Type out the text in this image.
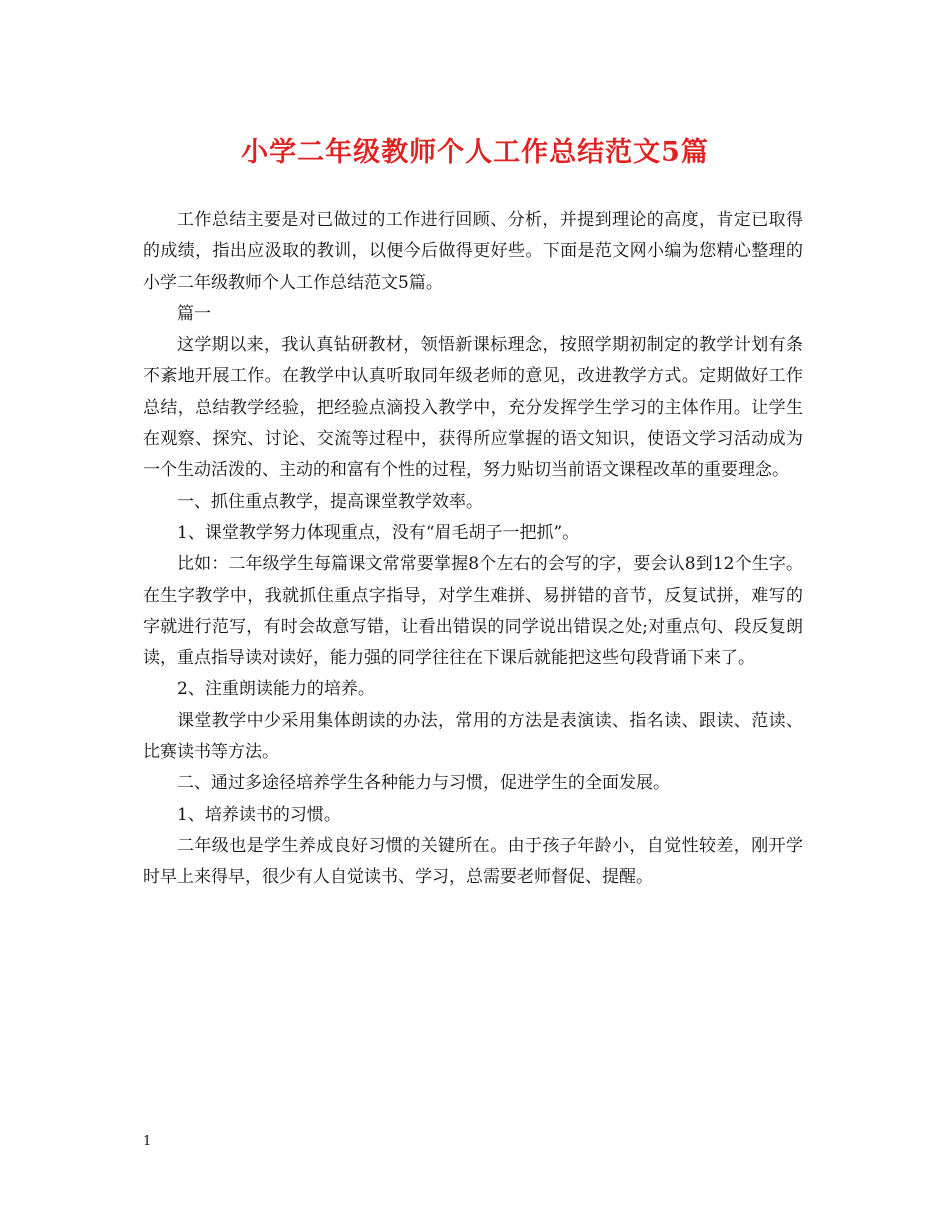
小学二年级教师个人工作总结范文5篇

工作总结主要是对已做过的工作进行回顾、分析，并提到理论的高度，肯定已取得的成绩，指出应汲取的教训，以便今后做得更好些。下面是范文网小编为您精心整理的小学二年级教师个人工作总结范文5篇。

篇一

这学期以来，我认真钻研教材，领悟新课标理念，按照学期初制定的教学计划有条不紊地开展工作。在教学中认真听取同年级老师的意见，改进教学方式。定期做好工作总结，总结教学经验，把经验点滴投入教学中，充分发挥学生学习的主体作用。让学生在观察、探究、讨论、交流等过程中，获得所应掌握的语文知识，使语文学习活动成为一个生动活泼的、主动的和富有个性的过程，努力贴切当前语文课程改革的重要理念。

一、抓住重点教学，提高课堂教学效率。

1、课堂教学努力体现重点，没有“眉毛胡子一把抓”。

比如：二年级学生每篇课文常常要掌握8个左右的会写的字，要会认8到12个生字。在生字教学中，我就抓住重点字指导，对学生难拼、易拼错的音节，反复试拼，难写的字就进行范写，有时会故意写错，让看出错误的同学说出错误之处;对重点句、段反复朗读，重点指导读对读好，能力强的同学往往在下课后就能把这些句段背诵下来了。

2、注重朗读能力的培养。

课堂教学中少采用集体朗读的办法，常用的方法是表演读、指名读、跟读、范读、比赛读书等方法。

二、通过多途径培养学生各种能力与习惯，促进学生的全面发展。

1、培养读书的习惯。

二年级也是学生养成良好习惯的关键所在。由于孩子年龄小，自觉性较差，刚开学时早上来得早，很少有人自觉读书、学习，总需要老师督促、提醒。

1
